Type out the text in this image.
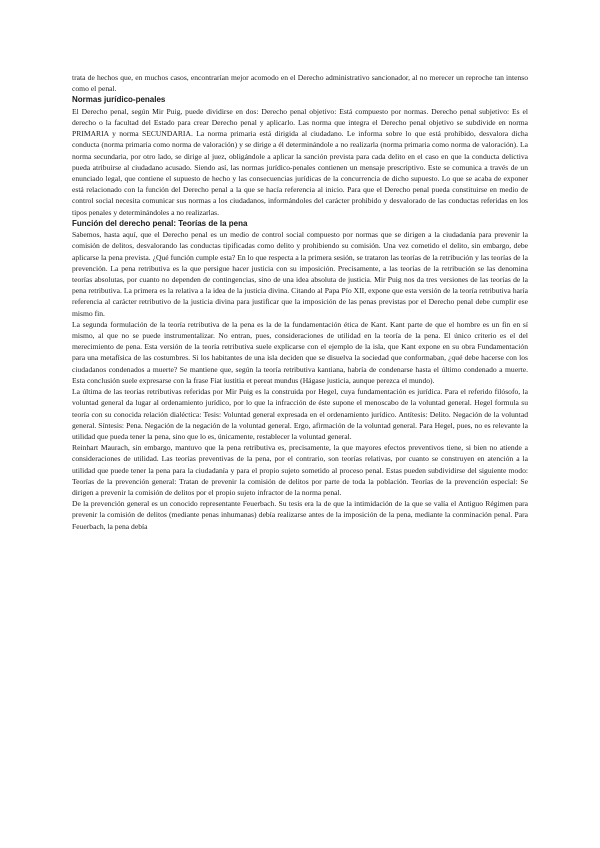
trata de hechos que, en muchos casos, encontrarían mejor acomodo en el Derecho administrativo sancionador, al no merecer un reproche tan intenso como el penal.

Normas jurídico-penales

El Derecho penal, según Mir Puig, puede dividirse en dos: Derecho penal objetivo: Está compuesto por normas. Derecho penal subjetivo: Es el derecho o la facultad del Estado para crear Derecho penal y aplicarlo. Las norma que integra el Derecho penal objetivo se subdivide en norma PRIMARIA y norma SECUNDARIA. La norma primaria está dirigida al ciudadano. Le informa sobre lo que está prohibido, desvalora dicha conducta (norma primaria como norma de valoración) y se dirige a él determinándole a no realizarla (norma primaria como norma de valoración). La norma secundaria, por otro lado, se dirige al juez, obligándole a aplicar la sanción prevista para cada delito en el caso en que la conducta delictiva pueda atribuirse al ciudadano acusado. Siendo así, las normas jurídico-penales contienen un mensaje prescriptivo. Este se comunica a través de un enunciado legal, que contiene el supuesto de hecho y las consecuencias jurídicas de la concurrencia de dicho supuesto. Lo que se acaba de exponer está relacionado con la función del Derecho penal a la que se hacía referencia al inicio. Para que el Derecho penal pueda constituirse en medio de control social necesita comunicar sus normas a los ciudadanos, informándoles del carácter prohibido y desvalorado de las conductas referidas en los tipos penales y determinándoles a no realizarlas.

Función del derecho penal: Teorías de la pena

Sabemos, hasta aquí, que el Derecho penal es un medio de control social compuesto por normas que se dirigen a la ciudadanía para prevenir la comisión de delitos, desvalorando las conductas tipificadas como delito y prohibiendo su comisión. Una vez cometido el delito, sin embargo, debe aplicarse la pena prevista. ¿Qué función cumple esta? En lo que respecta a la primera sesión, se trataron las teorías de la retribución y las teorías de la prevención. La pena retributiva es la que persigue hacer justicia con su imposición. Precisamente, a las teorías de la retribución se las denomina teorías absolutas, por cuanto no dependen de contingencias, sino de una idea absoluta de justicia. Mir Puig nos da tres versiones de las teorías de la pena retributiva. La primera es la relativa a la idea de la justicia divina. Citando al Papa Pío XII, expone que esta versión de la teoría retributiva haría referencia al carácter retributivo de la justicia divina para justificar que la imposición de las penas previstas por el Derecho penal debe cumplir ese mismo fin.

La segunda formulación de la teoría retributiva de la pena es la de la fundamentación ética de Kant. Kant parte de que el hombre es un fin en sí mismo, al que no se puede instrumentalizar. No entran, pues, consideraciones de utilidad en la teoría de la pena. El único criterio es el del merecimiento de pena. Esta versión de la teoría retributiva suele explicarse con el ejemplo de la isla, que Kant expone en su obra Fundamentación para una metafísica de las costumbres. Si los habitantes de una isla deciden que se disuelva la sociedad que conformaban, ¿qué debe hacerse con los ciudadanos condenados a muerte? Se mantiene que, según la teoría retributiva kantiana, habría de condenarse hasta el último condenado a muerte. Esta conclusión suele expresarse con la frase Fiat iustitia et pereat mundus (Hágase justicia, aunque perezca el mundo).

La última de las teorías retributivas referidas por Mir Puig es la construida por Hegel, cuya fundamentación es jurídica. Para el referido filósofo, la voluntad general da lugar al ordenamiento jurídico, por lo que la infracción de éste supone el menoscabo de la voluntad general. Hegel formula su teoría con su conocida relación dialéctica: Tesis: Voluntad general expresada en el ordenamiento jurídico. Antítesis: Delito. Negación de la voluntad general. Síntesis: Pena. Negación de la negación de la voluntad general. Ergo, afirmación de la voluntad general. Para Hegel, pues, no es relevante la utilidad que pueda tener la pena, sino que lo es, únicamente, restablecer la voluntad general.

Reinhart Maurach, sin embargo, mantuvo que la pena retributiva es, precisamente, la que mayores efectos preventivos tiene, si bien no atiende a consideraciones de utilidad. Las teorías preventivas de la pena, por el contrario, son teorías relativas, por cuanto se construyen en atención a la utilidad que puede tener la pena para la ciudadanía y para el propio sujeto sometido al proceso penal. Estas pueden subdividirse del siguiente modo: Teorías de la prevención general: Tratan de prevenir la comisión de delitos por parte de toda la población. Teorías de la prevención especial: Se dirigen a prevenir la comisión de delitos por el propio sujeto infractor de la norma penal.

De la prevención general es un conocido representante Feuerbach. Su tesis era la de que la intimidación de la que se valía el Antiguo Régimen para prevenir la comisión de delitos (mediante penas inhumanas) debía realizarse antes de la imposición de la pena, mediante la conminación penal. Para Feuerbach, la pena debía
